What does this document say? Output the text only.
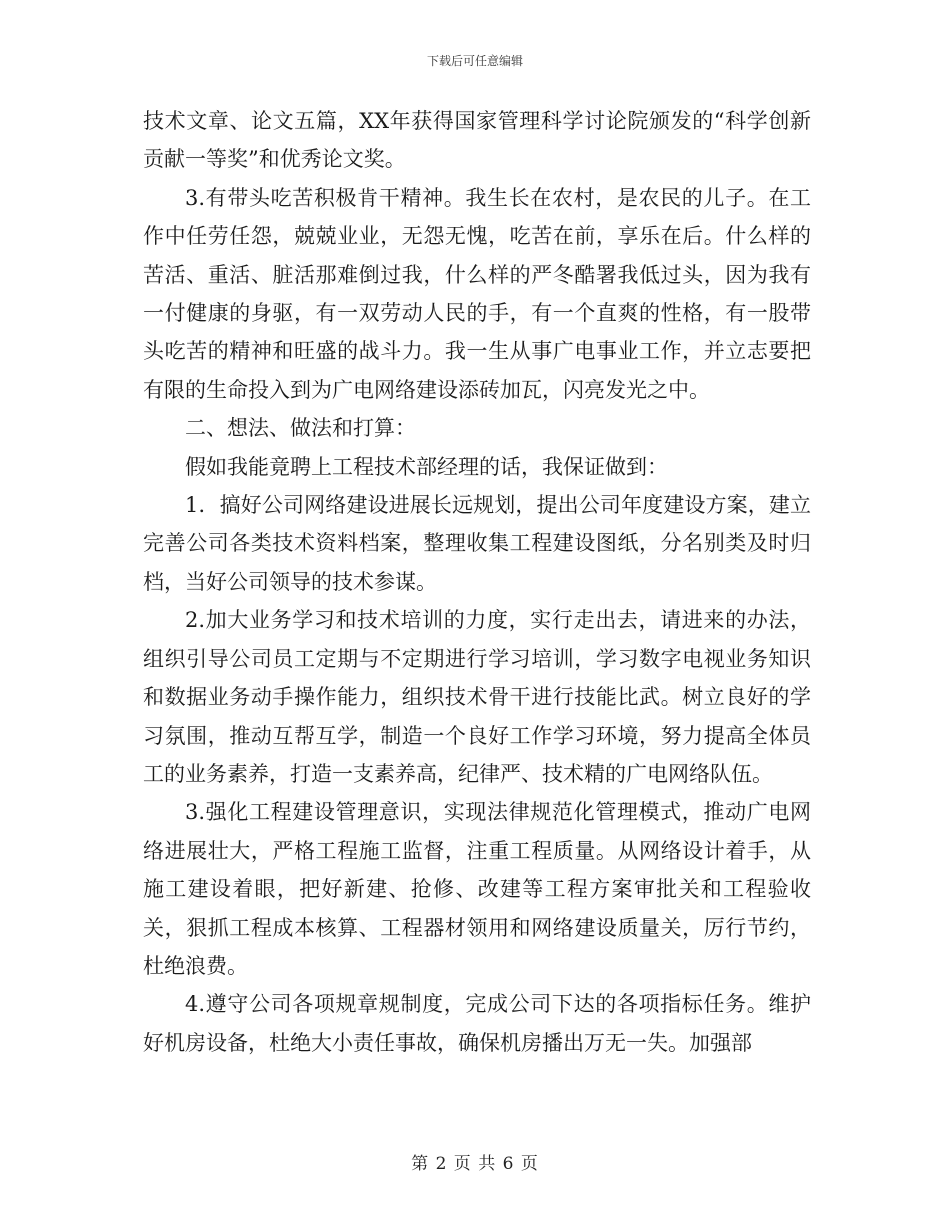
下载后可任意编辑

技术文章、论文五篇，XX年获得国家管理科学讨论院颁发的“科学创新贡献一等奖”和优秀论文奖。

3.有带头吃苦积极肯干精神。我生长在农村，是农民的儿子。在工作中任劳任怨，兢兢业业，无怨无愧，吃苦在前，享乐在后。什么样的苦活、重活、脏活那难倒过我，什么样的严冬酷署我低过头，因为我有一付健康的身驱，有一双劳动人民的手，有一个直爽的性格，有一股带头吃苦的精神和旺盛的战斗力。我一生从事广电事业工作，并立志要把有限的生命投入到为广电网络建设添砖加瓦，闪亮发光之中。

二、想法、做法和打算：

假如我能竟聘上工程技术部经理的话，我保证做到：

1．搞好公司网络建设进展长远规划，提出公司年度建设方案，建立完善公司各类技术资料档案，整理收集工程建设图纸，分名别类及时归档，当好公司领导的技术参谋。

2.加大业务学习和技术培训的力度，实行走出去，请进来的办法，组织引导公司员工定期与不定期进行学习培训，学习数字电视业务知识和数据业务动手操作能力，组织技术骨干进行技能比武。树立良好的学习氛围，推动互帮互学，制造一个良好工作学习环境，努力提高全体员工的业务素养，打造一支素养高，纪律严、技术精的广电网络队伍。

3.强化工程建设管理意识，实现法律规范化管理模式，推动广电网络进展壮大，严格工程施工监督，注重工程质量。从网络设计着手，从施工建设着眼，把好新建、抢修、改建等工程方案审批关和工程验收关，狠抓工程成本核算、工程器材领用和网络建设质量关，厉行节约，杜绝浪费。

4.遵守公司各项规章规制度，完成公司下达的各项指标任务。维护好机房设备，杜绝大小责任事故，确保机房播出万无一失。加强部

第 2 页 共 6 页
